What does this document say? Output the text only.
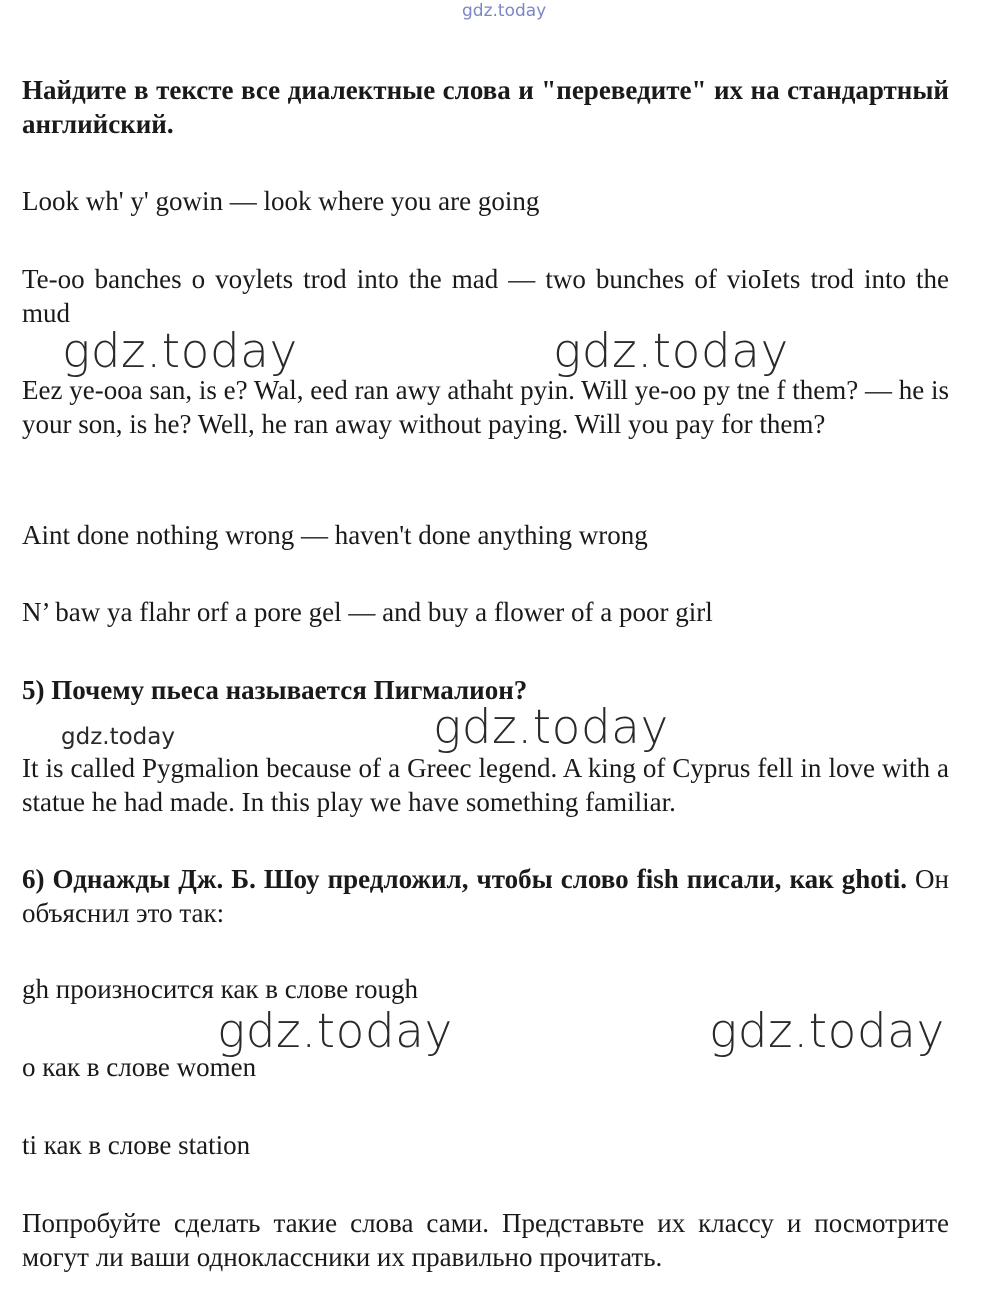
gdz.today
Найдите в тексте все диалектные слова и "переведите" их на стандартный английский.
Look wh' y' gowin — look where you are going
Te-oo banches o voylets trod into the mad — two bunches of vioIets trod into the mud
gdz.today	gdz.today
Eez ye-ooa san, is e? Wal, eed ran awy athaht pyin. Will ye-oo py tne f them? — he is your son, is he? Well, he ran away without paying. Will you pay for them?
Aint done nothing wrong — haven't done anything wrong
N’ baw ya flahr orf a pore gel — and buy a flower of a poor girl
5) Почему пьеса называется Пигмалион?
gdz.today
gdz.today
It is called Pygmalion because of a Greec legend. A king of Cyprus fell in love with a statue he had made. In this play we have something familiar.
6) Однажды Дж. Б. Шоу предложил, чтобы слово fish писали, как ghoti. Он объяснил это так:
gh произносится как в слове rough
gdz.today	gdz.today
о как в слове women
ti как в слове station
Попробуйте сделать такие слова сами. Представьте их классу и посмотрите могут ли ваши одноклассники их правильно прочитать.
